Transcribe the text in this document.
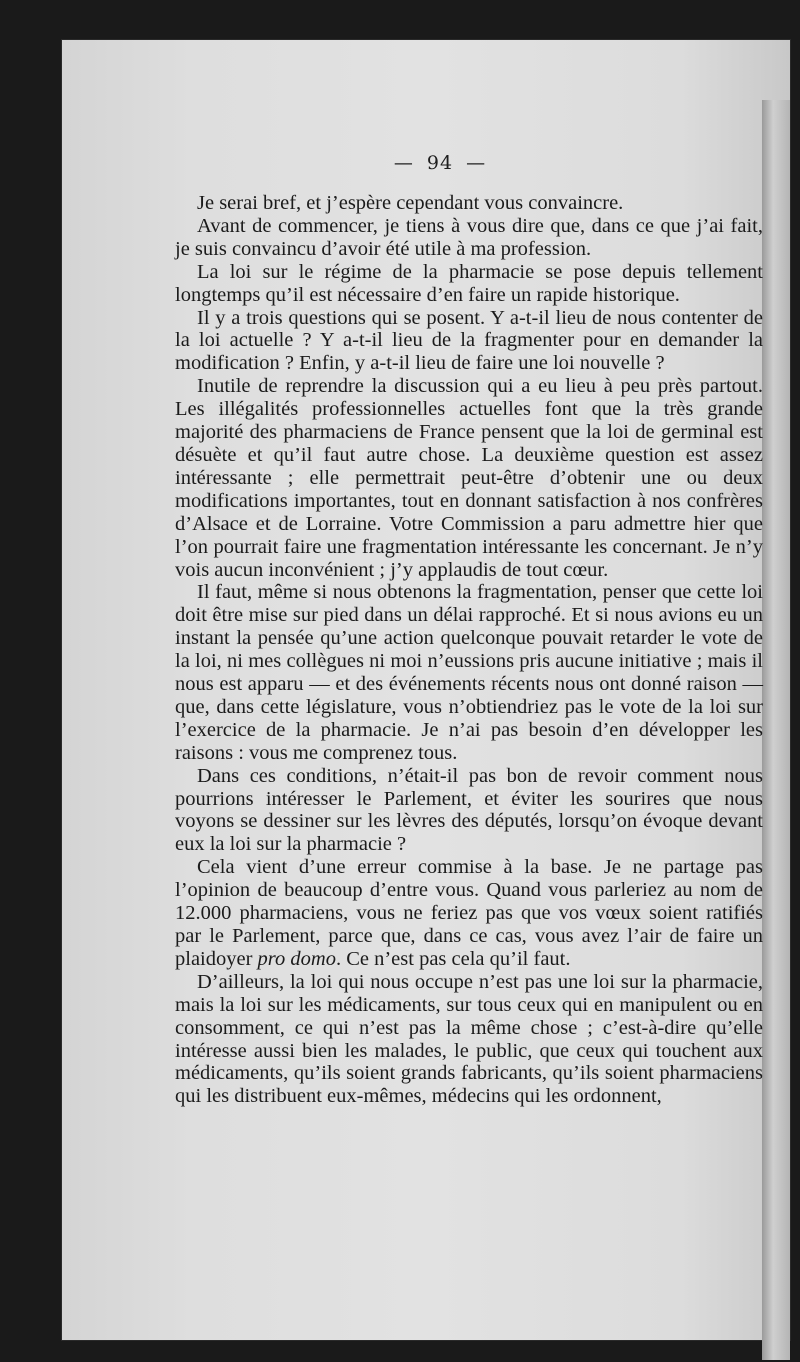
— 94 —

Je serai bref, et j’espère cependant vous convaincre.

Avant de commencer, je tiens à vous dire que, dans ce que j’ai fait, je suis convaincu d’avoir été utile à ma profession.

La loi sur le régime de la pharmacie se pose depuis tellement longtemps qu’il est nécessaire d’en faire un rapide historique.

Il y a trois questions qui se posent. Y a-t-il lieu de nous contenter de la loi actuelle ? Y a-t-il lieu de la fragmenter pour en demander la modification ? Enfin, y a-t-il lieu de faire une loi nouvelle ?

Inutile de reprendre la discussion qui a eu lieu à peu près partout. Les illégalités professionnelles actuelles font que la très grande majorité des pharmaciens de France pensent que la loi de germinal est désuète et qu’il faut autre chose. La deuxième question est assez intéressante ; elle permettrait peut-être d’obtenir une ou deux modifications importantes, tout en donnant satisfaction à nos confrères d’Alsace et de Lorraine. Votre Commission a paru admettre hier que l’on pourrait faire une fragmentation intéressante les concernant. Je n’y vois aucun inconvénient ; j’y applaudis de tout cœur.

Il faut, même si nous obtenons la fragmentation, penser que cette loi doit être mise sur pied dans un délai rapproché. Et si nous avions eu un instant la pensée qu’une action quelconque pouvait retarder le vote de la loi, ni mes collègues ni moi n’eussions pris aucune initiative ; mais il nous est apparu — et des événements récents nous ont donné raison — que, dans cette législature, vous n’obtiendriez pas le vote de la loi sur l’exercice de la pharmacie. Je n’ai pas besoin d’en développer les raisons : vous me comprenez tous.

Dans ces conditions, n’était-il pas bon de revoir comment nous pourrions intéresser le Parlement, et éviter les sourires que nous voyons se dessiner sur les lèvres des députés, lorsqu’on évoque devant eux la loi sur la pharmacie ?

Cela vient d’une erreur commise à la base. Je ne partage pas l’opinion de beaucoup d’entre vous. Quand vous parleriez au nom de 12.000 pharmaciens, vous ne feriez pas que vos vœux soient ratifiés par le Parlement, parce que, dans ce cas, vous avez l’air de faire un plaidoyer pro domo. Ce n’est pas cela qu’il faut.

D’ailleurs, la loi qui nous occupe n’est pas une loi sur la pharmacie, mais la loi sur les médicaments, sur tous ceux qui en manipulent ou en consomment, ce qui n’est pas la même chose ; c’est-à-dire qu’elle intéresse aussi bien les malades, le public, que ceux qui touchent aux médicaments, qu’ils soient grands fabricants, qu’ils soient pharmaciens qui les distribuent eux-mêmes, médecins qui les ordonnent,
